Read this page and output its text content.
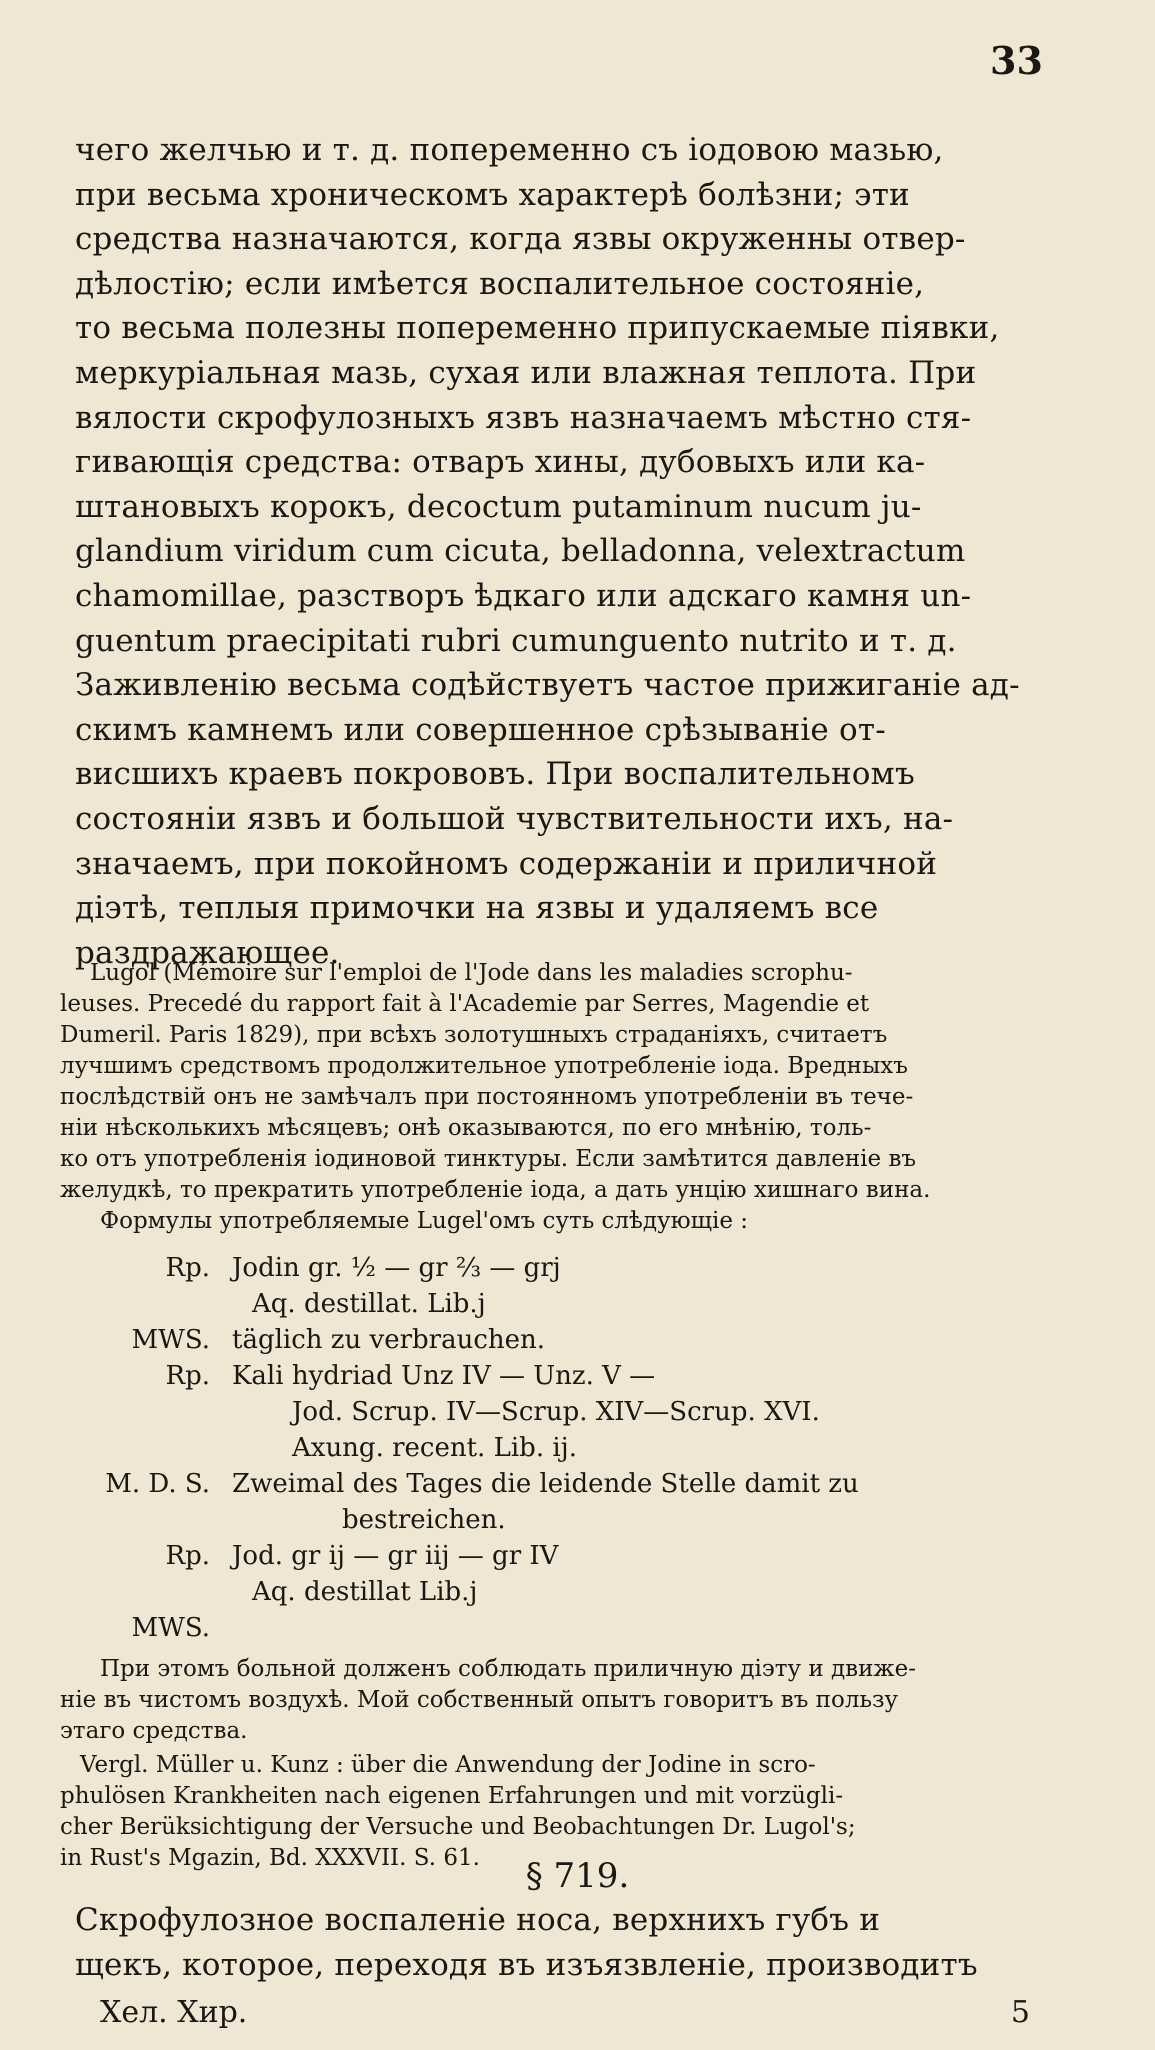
33
чего желчью и т. д. попеременно съ іодовою мазью,
при весьма хроническомъ характерѣ болѣзни; эти
средства назначаются, когда язвы окруженны отвер-
дѣлостію; если имѣется воспалительное состояніе,
то весьма полезны попеременно припускаемые піявки,
меркуріальная мазь, сухая или влажная теплота. При
вялости скрофулозныхъ язвъ назначаемъ мѣстно стя-
гивающія средства: отваръ хины, дубовыхъ или ка-
штановыхъ корокъ, decoctum putaminum nucum ju-
glandium viridum cum cicuta, belladonna, velextractum
chamomillae, разстворъ ѣдкаго или адскаго камня un-
guentum praecipitati rubri cumunguento nutrito и т. д.
Заживленію весьма содѣйствуетъ частое прижиганіе ад-
скимъ камнемъ или совершенное срѣзываніе от-
висшихъ краевъ покрововъ. При воспалительномъ
состояніи язвъ и большой чувствительности ихъ, на-
значаемъ, при покойномъ содержаніи и приличной
діэтѣ, теплыя примочки на язвы и удаляемъ все
раздражающее.
Lugol (Mémoire sur l'emploi de l'Jode dans les maladies scrophu-
leuses. Precedé du rapport fait à l'Academie par Serres, Magendie et
Dumeril. Paris 1829), при всѣхъ золотушныхъ страданіяхъ, считаетъ
лучшимъ средствомъ продолжительное употребленіе іода. Вредныхъ
послѣдствій онъ не замѣчалъ при постоянномъ употребленіи въ тече-
ніи нѣсколькихъ мѣсяцевъ; онѣ оказываются, по его мнѣнію, толь-
ко отъ употребленія іодиновой тинктуры. Если замѣтится давленіе въ
желудкѣ, то прекратить употребленіе іода, а дать унцію хишнаго вина.
Формулы употребляемые Lugel'омъ суть слѣдующіе :
Rp. Jodin gr. ½ — gr ⅔ — grj
Aq. destillat. Lib.j
MWS. täglich zu verbrauchen.
Rp. Kali hydriad Unz IV — Unz. V —
Jod. Scrup. IV—Scrup. XIV—Scrup. XVI.
Axung. recent. Lib. ij.
M. D. S. Zweimal des Tages die leidende Stelle damit zu
bestreichen.
Rp. Jod. gr ij — gr iij — gr IV
Aq. destillat Lib.j
MWS.
При этомъ больной долженъ соблюдать приличную діэту и движе-
ніе въ чистомъ воздухѣ. Мой собственный опытъ говоритъ въ пользу
этаго средства.
Vergl. Müller u. Kunz : über die Anwendung der Jodine in scro-
phulösen Krankheiten nach eigenen Erfahrungen und mit vorzügli-
cher Berüksichtigung der Versuche und Beobachtungen Dr. Lugol's;
in Rust's Mgazin, Bd. XXXVII. S. 61.	§ 719.
Скрофулозное воспаленіе носа, верхнихъ губъ и
щекъ, которое, переходя въ изъязвленіе, производитъ
Хел. Хир.	5
